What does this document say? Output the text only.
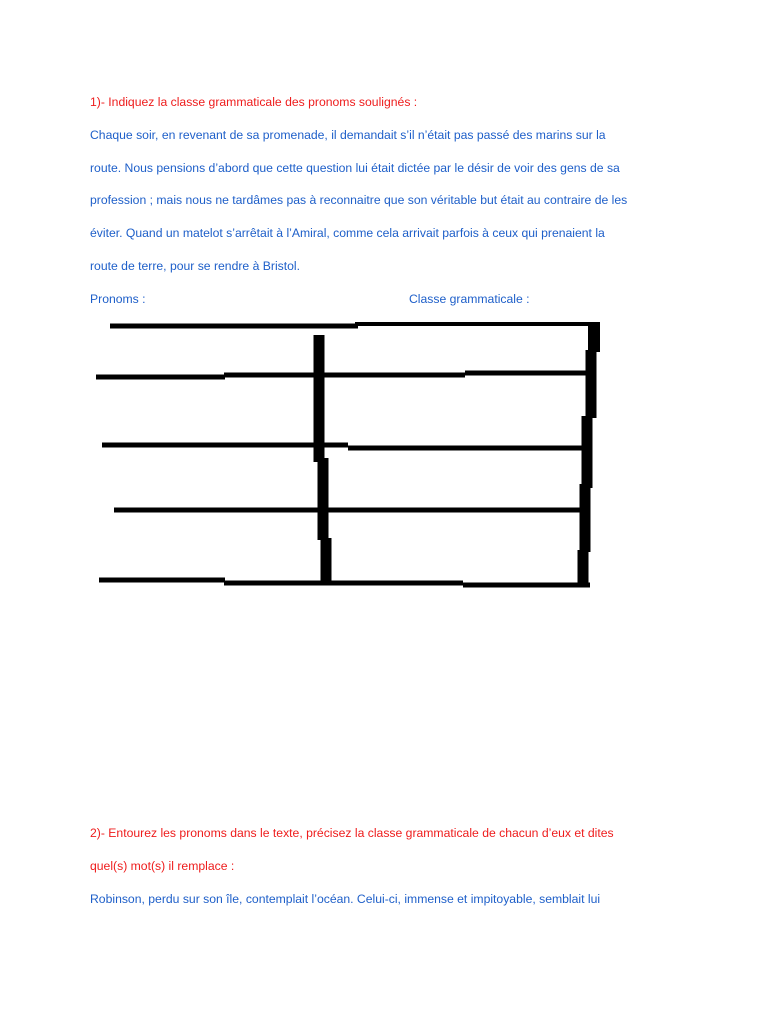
1)- Indiquez la classe grammaticale des pronoms soulignés :

Chaque soir, en revenant de sa promenade, il demandait s’il n’était pas passé des marins sur la

route. Nous pensions d’abord que cette question lui était dictée par le désir de voir des gens de sa

profession ; mais nous ne tardâmes pas à reconnaitre que son véritable but était au contraire de les

éviter. Quand un matelot s’arrêtait à l’Amiral, comme cela arrivait parfois à ceux qui prenaient la

route de terre, pour se rendre à Bristol.

Pronoms :	Classe grammaticale :

2)- Entourez les pronoms dans le texte, précisez la classe grammaticale de chacun d’eux et dites

quel(s) mot(s) il remplace :

Robinson, perdu sur son île, contemplait l’océan. Celui-ci, immense et impitoyable, semblait lui
